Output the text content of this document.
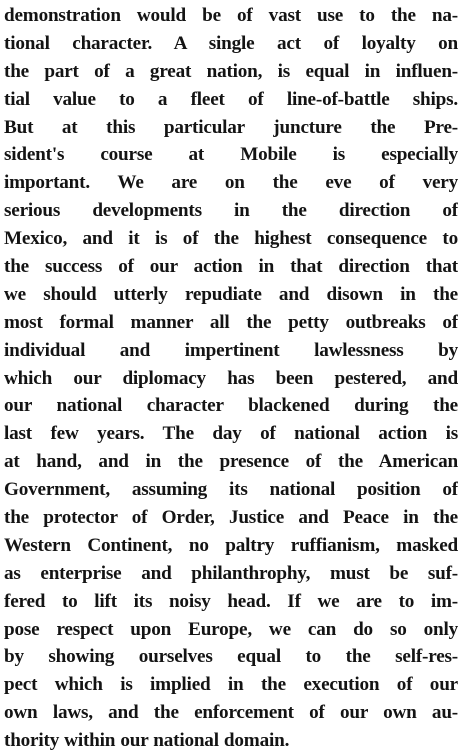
demonstration would be of vast use to the na-
tional character. A single act of loyalty on
the part of a great nation, is equal in influen-
tial value to a fleet of line-of-battle ships.
But at this particular juncture the Pre-
sident's course at Mobile is especially
important. We are on the eve of very
serious developments in the direction of
Mexico, and it is of the highest consequence to
the success of our action in that direction that
we should utterly repudiate and disown in the
most formal manner all the petty outbreaks of
individual and impertinent lawlessness by
which our diplomacy has been pestered, and
our national character blackened during the
last few years. The day of national action is
at hand, and in the presence of the American
Government, assuming its national position of
the protector of Order, Justice and Peace in the
Western Continent, no paltry ruffianism, masked
as enterprise and philanthrophy, must be suf-
fered to lift its noisy head. If we are to im-
pose respect upon Europe, we can do so only
by showing ourselves equal to the self-res-
pect which is implied in the execution of our
own laws, and the enforcement of our own au-
thority within our national domain.
